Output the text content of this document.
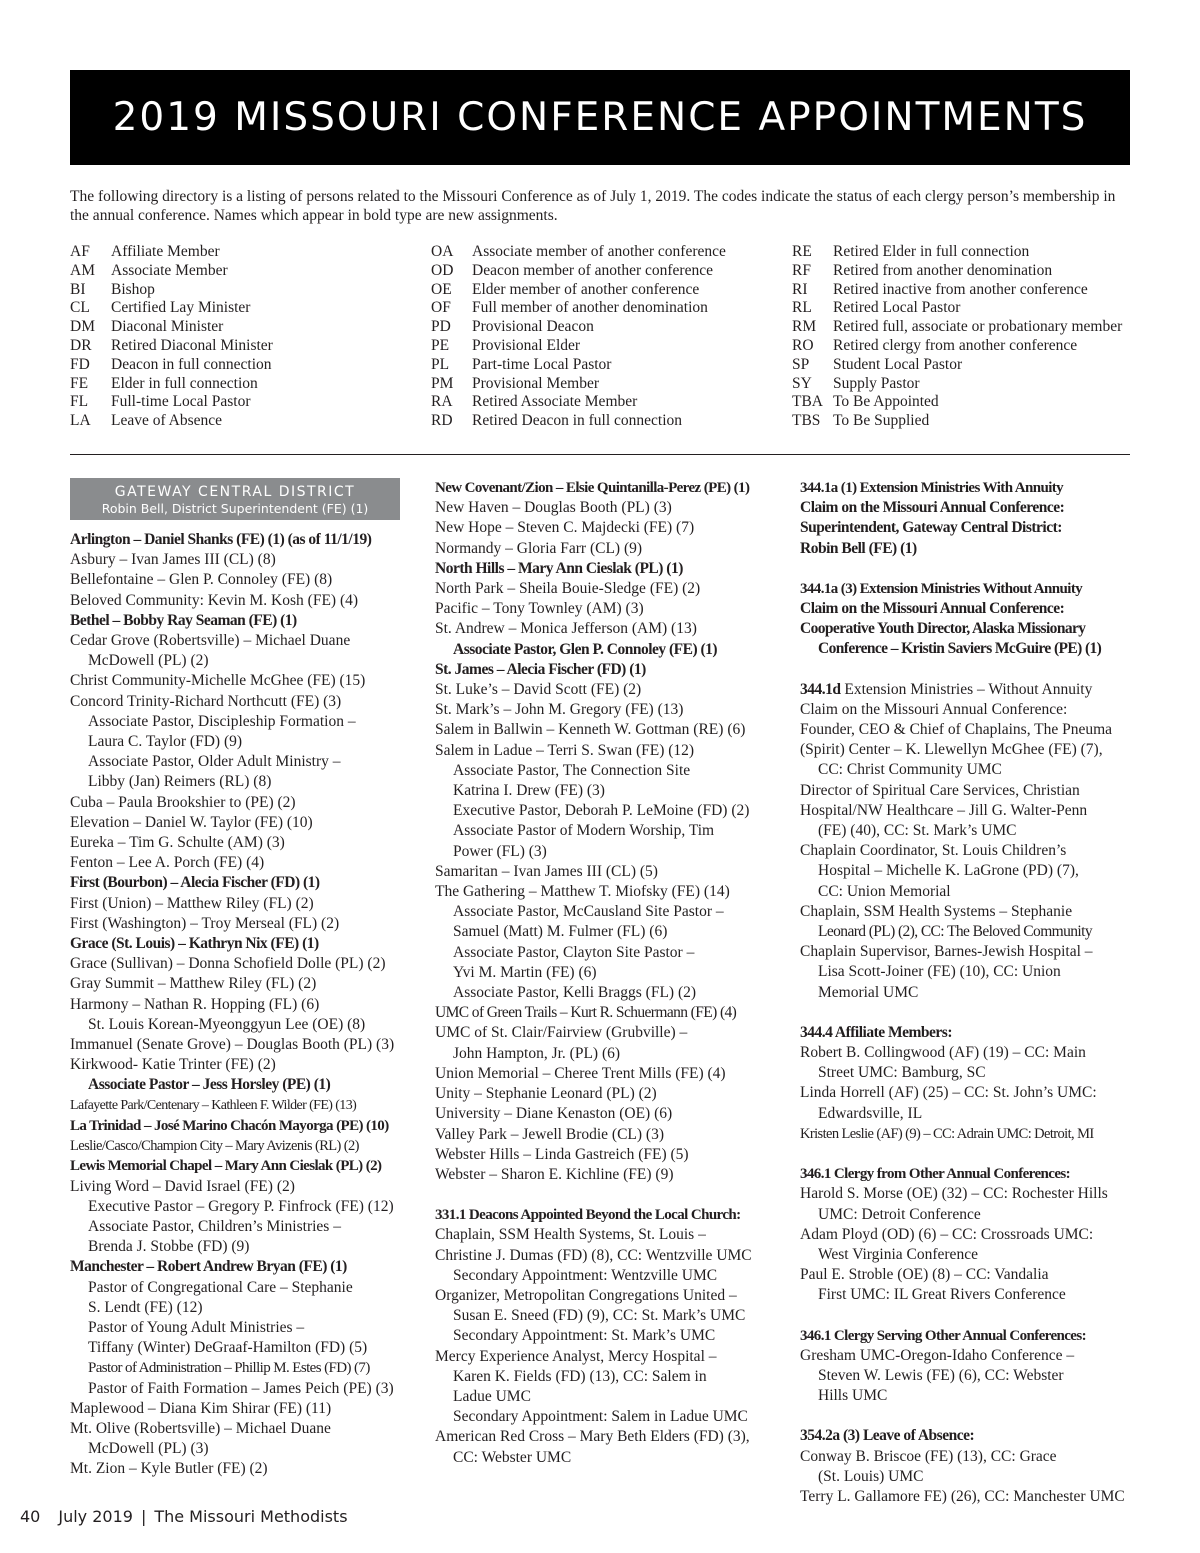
2019 MISSOURI CONFERENCE APPOINTMENTS
The following directory is a listing of persons related to the Missouri Conference as of July 1, 2019. The codes indicate the status of each clergy person’s membership in the annual conference. Names which appear in bold type are new assignments.
AF	Affiliate Member
AM	Associate Member
BI	Bishop
CL	Certified Lay Minister
DM	Diaconal Minister
DR	Retired Diaconal Minister
FD	Deacon in full connection
FE	Elder in full connection
FL	Full-time Local Pastor
LA	Leave of Absence
OA	Associate member of another conference
OD	Deacon member of another conference
OE	Elder member of another conference
OF	Full member of another denomination
PD	Provisional Deacon
PE	Provisional Elder
PL	Part-time Local Pastor
PM	Provisional Member
RA	Retired Associate Member
RD	Retired Deacon in full connection
RE	Retired Elder in full connection
RF	Retired from another denomination
RI	Retired inactive from another conference
RL	Retired Local Pastor
RM	Retired full, associate or probationary member
RO	Retired clergy from another conference
SP	Student Local Pastor
SY	Supply Pastor
TBA To Be Appointed
TBS To Be Supplied
GATEWAY CENTRAL DISTRICT
Robin Bell, District Superintendent (FE) (1)
Arlington – Daniel Shanks (FE) (1) (as of 11/1/19)
Asbury – Ivan James III (CL) (8)
Bellefontaine – Glen P. Connoley (FE) (8)
Beloved Community: Kevin M. Kosh (FE) (4)
Bethel – Bobby Ray Seaman (FE) (1)
Cedar Grove (Robertsville) – Michael Duane
McDowell (PL) (2)
Christ Community-Michelle McGhee (FE) (15)
Concord Trinity-Richard Northcutt (FE) (3)
Associate Pastor, Discipleship Formation –
Laura C. Taylor (FD) (9)
Associate Pastor, Older Adult Ministry –
Libby (Jan) Reimers (RL) (8)
Cuba – Paula Brookshier to (PE) (2)
Elevation – Daniel W. Taylor (FE) (10)
Eureka – Tim G. Schulte (AM) (3)
Fenton – Lee A. Porch (FE) (4)
First (Bourbon) – Alecia Fischer (FD) (1)
First (Union) – Matthew Riley (FL) (2)
First (Washington) – Troy Merseal (FL) (2)
Grace (St. Louis) – Kathryn Nix (FE) (1)
Grace (Sullivan) – Donna Schofield Dolle (PL) (2)
Gray Summit – Matthew Riley (FL) (2)
Harmony – Nathan R. Hopping (FL) (6)
St. Louis Korean-Myeonggyun Lee (OE) (8)
Immanuel (Senate Grove) – Douglas Booth (PL) (3)
Kirkwood- Katie Trinter (FE) (2)
Associate Pastor – Jess Horsley (PE) (1)
Lafayette Park/Centenary – Kathleen F. Wilder (FE) (13)
La Trinidad – José Marino Chacón Mayorga (PE) (10)
Leslie/Casco/Champion City – Mary Avizenis (RL) (2)
Lewis Memorial Chapel – Mary Ann Cieslak (PL) (2)
Living Word – David Israel (FE) (2)
Executive Pastor – Gregory P. Finfrock (FE) (12)
Associate Pastor, Children’s Ministries –
Brenda J. Stobbe (FD) (9)
Manchester – Robert Andrew Bryan (FE) (1)
Pastor of Congregational Care – Stephanie
S. Lendt (FE) (12)
Pastor of Young Adult Ministries –
Tiffany (Winter) DeGraaf-Hamilton (FD) (5)
Pastor of Administration – Phillip M. Estes (FD) (7)
Pastor of Faith Formation – James Peich (PE) (3)
Maplewood – Diana Kim Shirar (FE) (11)
Mt. Olive (Robertsville) – Michael Duane
McDowell (PL) (3)
Mt. Zion – Kyle Butler (FE) (2)
New Covenant/Zion – Elsie Quintanilla-Perez (PE) (1)
New Haven – Douglas Booth (PL) (3)
New Hope – Steven C. Majdecki (FE) (7)
Normandy – Gloria Farr (CL) (9)
North Hills – Mary Ann Cieslak (PL) (1)
North Park – Sheila Bouie-Sledge (FE) (2)
Pacific – Tony Townley (AM) (3)
St. Andrew – Monica Jefferson (AM) (13)
Associate Pastor, Glen P. Connoley (FE) (1)
St. James – Alecia Fischer (FD) (1)
St. Luke’s – David Scott (FE) (2)
St. Mark’s – John M. Gregory (FE) (13)
Salem in Ballwin – Kenneth W. Gottman (RE) (6)
Salem in Ladue – Terri S. Swan (FE) (12)
Associate Pastor, The Connection Site
Katrina I. Drew (FE) (3)
Executive Pastor, Deborah P. LeMoine (FD) (2)
Associate Pastor of Modern Worship, Tim
Power (FL) (3)
Samaritan – Ivan James III (CL) (5)
The Gathering – Matthew T. Miofsky (FE) (14)
Associate Pastor, McCausland Site Pastor –
Samuel (Matt) M. Fulmer (FL) (6)
Associate Pastor, Clayton Site Pastor –
Yvi M. Martin (FE) (6)
Associate Pastor, Kelli Braggs (FL) (2)
UMC of Green Trails – Kurt R. Schuermann (FE) (4)
UMC of St. Clair/Fairview (Grubville) –
John Hampton, Jr. (PL) (6)
Union Memorial – Cheree Trent Mills (FE) (4)
Unity – Stephanie Leonard (PL) (2)
University – Diane Kenaston (OE) (6)
Valley Park – Jewell Brodie (CL) (3)
Webster Hills – Linda Gastreich (FE) (5)
Webster – Sharon E. Kichline (FE) (9)
331.1 Deacons Appointed Beyond the Local Church:
Chaplain, SSM Health Systems, St. Louis –
Christine J. Dumas (FD) (8), CC: Wentzville UMC
Secondary Appointment: Wentzville UMC
Organizer, Metropolitan Congregations United –
Susan E. Sneed (FD) (9), CC: St. Mark’s UMC
Secondary Appointment: St. Mark’s UMC
Mercy Experience Analyst, Mercy Hospital –
Karen K. Fields (FD) (13), CC: Salem in
Ladue UMC
Secondary Appointment: Salem in Ladue UMC
American Red Cross – Mary Beth Elders (FD) (3),
CC: Webster UMC
344.1a (1) Extension Ministries With Annuity
Claim on the Missouri Annual Conference:
Superintendent, Gateway Central District:
Robin Bell (FE) (1)
344.1a (3) Extension Ministries Without Annuity
Claim on the Missouri Annual Conference:
Cooperative Youth Director, Alaska Missionary
Conference – Kristin Saviers McGuire (PE) (1)
344.1d Extension Ministries – Without Annuity
Claim on the Missouri Annual Conference:
Founder, CEO & Chief of Chaplains, The Pneuma
(Spirit) Center – K. Llewellyn McGhee (FE) (7),
CC: Christ Community UMC
Director of Spiritual Care Services, Christian
Hospital/NW Healthcare – Jill G. Walter-Penn
(FE) (40), CC: St. Mark’s UMC
Chaplain Coordinator, St. Louis Children’s
Hospital – Michelle K. LaGrone (PD) (7),
CC: Union Memorial
Chaplain, SSM Health Systems – Stephanie
Leonard (PL) (2), CC: The Beloved Community
Chaplain Supervisor, Barnes-Jewish Hospital –
Lisa Scott-Joiner (FE) (10), CC: Union
Memorial UMC
344.4 Affiliate Members:
Robert B. Collingwood (AF) (19) – CC: Main
Street UMC: Bamburg, SC
Linda Horrell (AF) (25) – CC: St. John’s UMC:
Edwardsville, IL
Kristen Leslie (AF) (9) – CC: Adrain UMC: Detroit, MI
346.1 Clergy from Other Annual Conferences:
Harold S. Morse (OE) (32) – CC: Rochester Hills
UMC: Detroit Conference
Adam Ployd (OD) (6) – CC: Crossroads UMC:
West Virginia Conference
Paul E. Stroble (OE) (8) – CC: Vandalia
First UMC: IL Great Rivers Conference
346.1 Clergy Serving Other Annual Conferences:
Gresham UMC-Oregon-Idaho Conference –
Steven W. Lewis (FE) (6), CC: Webster
Hills UMC
354.2a (3) Leave of Absence:
Conway B. Briscoe (FE) (13), CC: Grace
(St. Louis) UMC
Terry L. Gallamore FE) (26), CC: Manchester UMC
40 July 2019 | The Missouri Methodists
